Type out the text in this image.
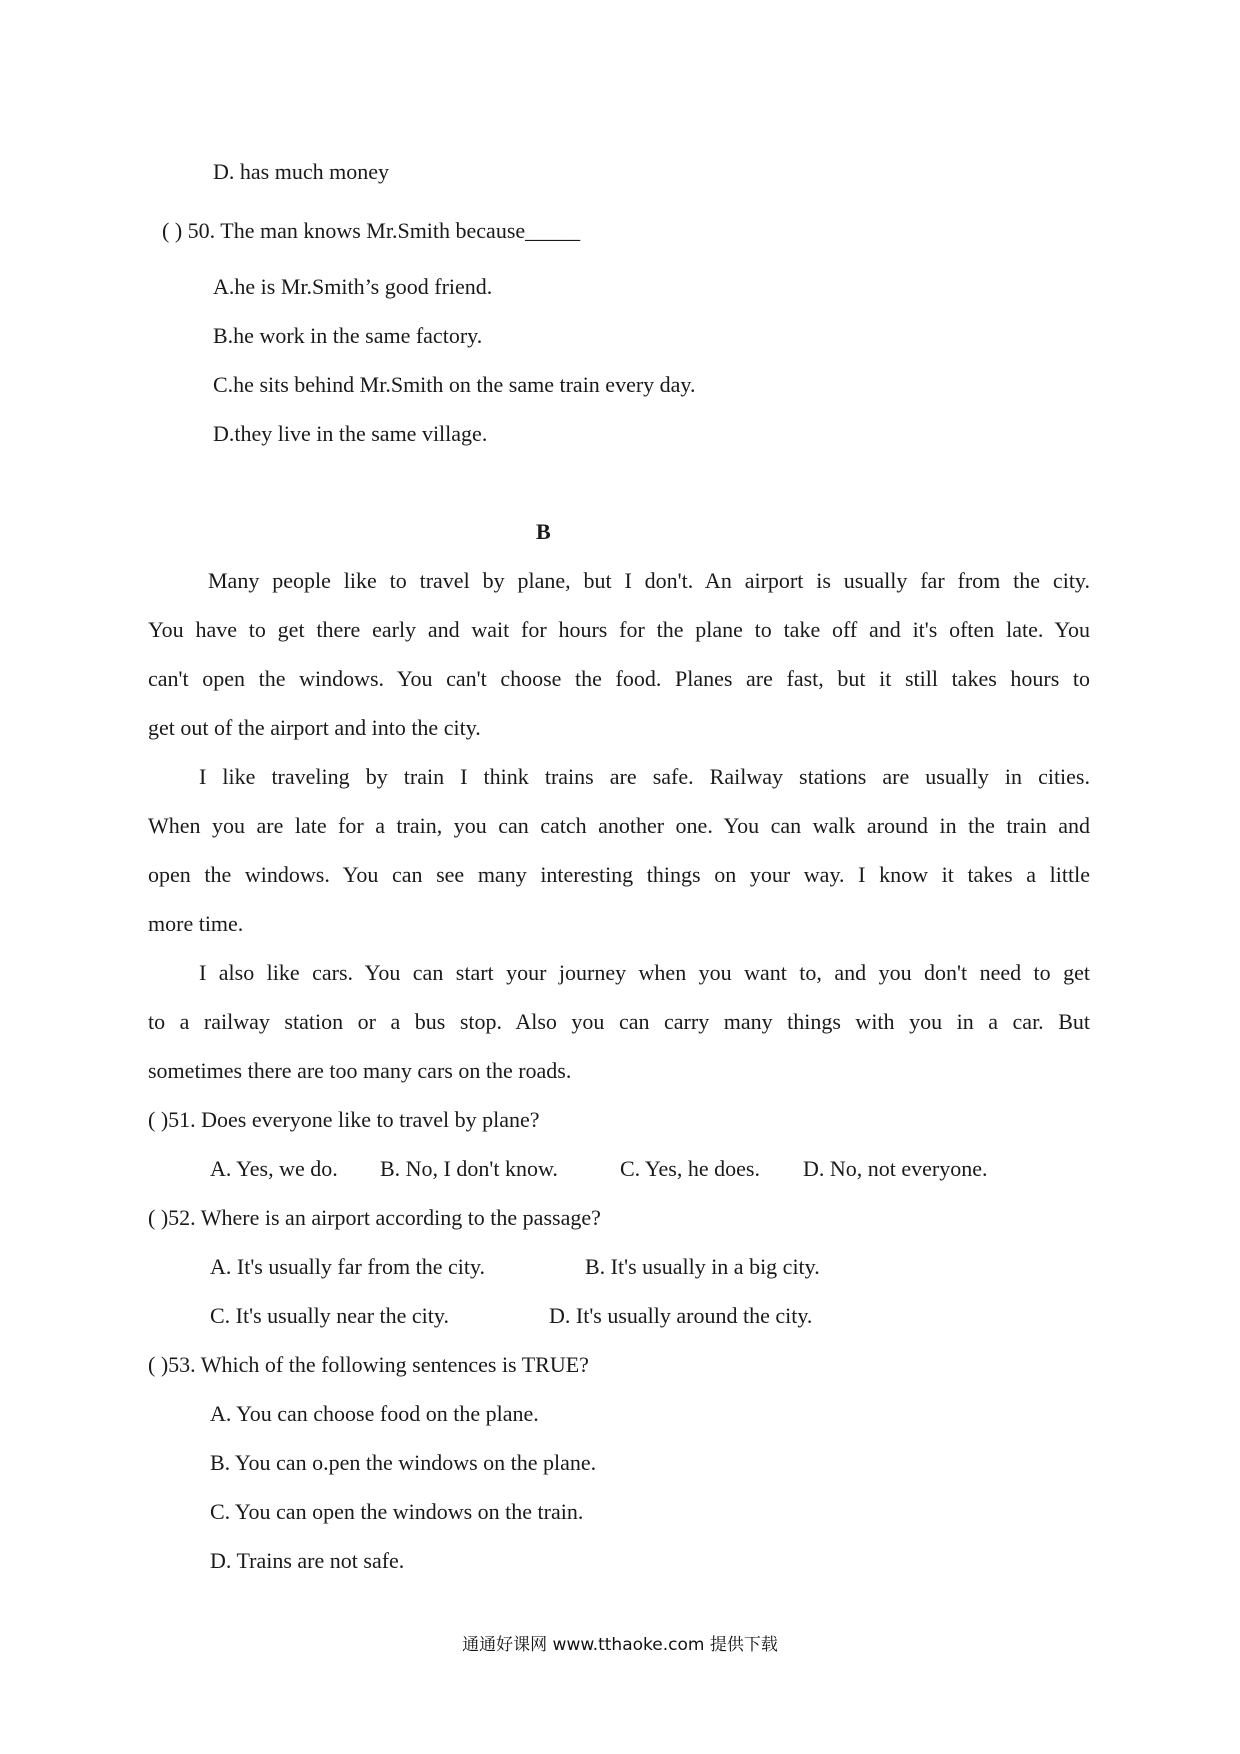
D. has much money
( ) 50. The man knows Mr.Smith because_____
A.he is Mr.Smith’s good friend.
B.he work in the same factory.
C.he sits behind Mr.Smith on the same train every day.
D.they live in the same village.
B
Many people like to travel by plane, but I don't. An airport is usually far from the city.
You have to get there early and wait for hours for the plane to take off and it's often late. You
can't open the windows. You can't choose the food. Planes are fast, but it still takes hours to
get out of the airport and into the city.
I like traveling by train I think trains are safe. Railway stations are usually in cities.
When you are late for a train, you can catch another one. You can walk around in the train and
open the windows. You can see many interesting things on your way. I know it takes a little
more time.
I also like cars. You can start your journey when you want to, and you don't need to get
to a railway station or a bus stop. Also you can carry many things with you in a car. But
sometimes there are too many cars on the roads.
( )51. Does everyone like to travel by plane?
A. Yes, we do. B. No, I don't know.	C. Yes, he does. D. No, not everyone.
( )52. Where is an airport according to the passage?
A. It's usually far from the city.	B. It's usually in a big city.
C. It's usually near the city.	D. It's usually around the city.
( )53. Which of the following sentences is TRUE?
A. You can choose food on the plane.
B. You can o.pen the windows on the plane.
C. You can open the windows on the train.
D. Trains are not safe.
通通好课网 www.tthaoke.com 提供下载
